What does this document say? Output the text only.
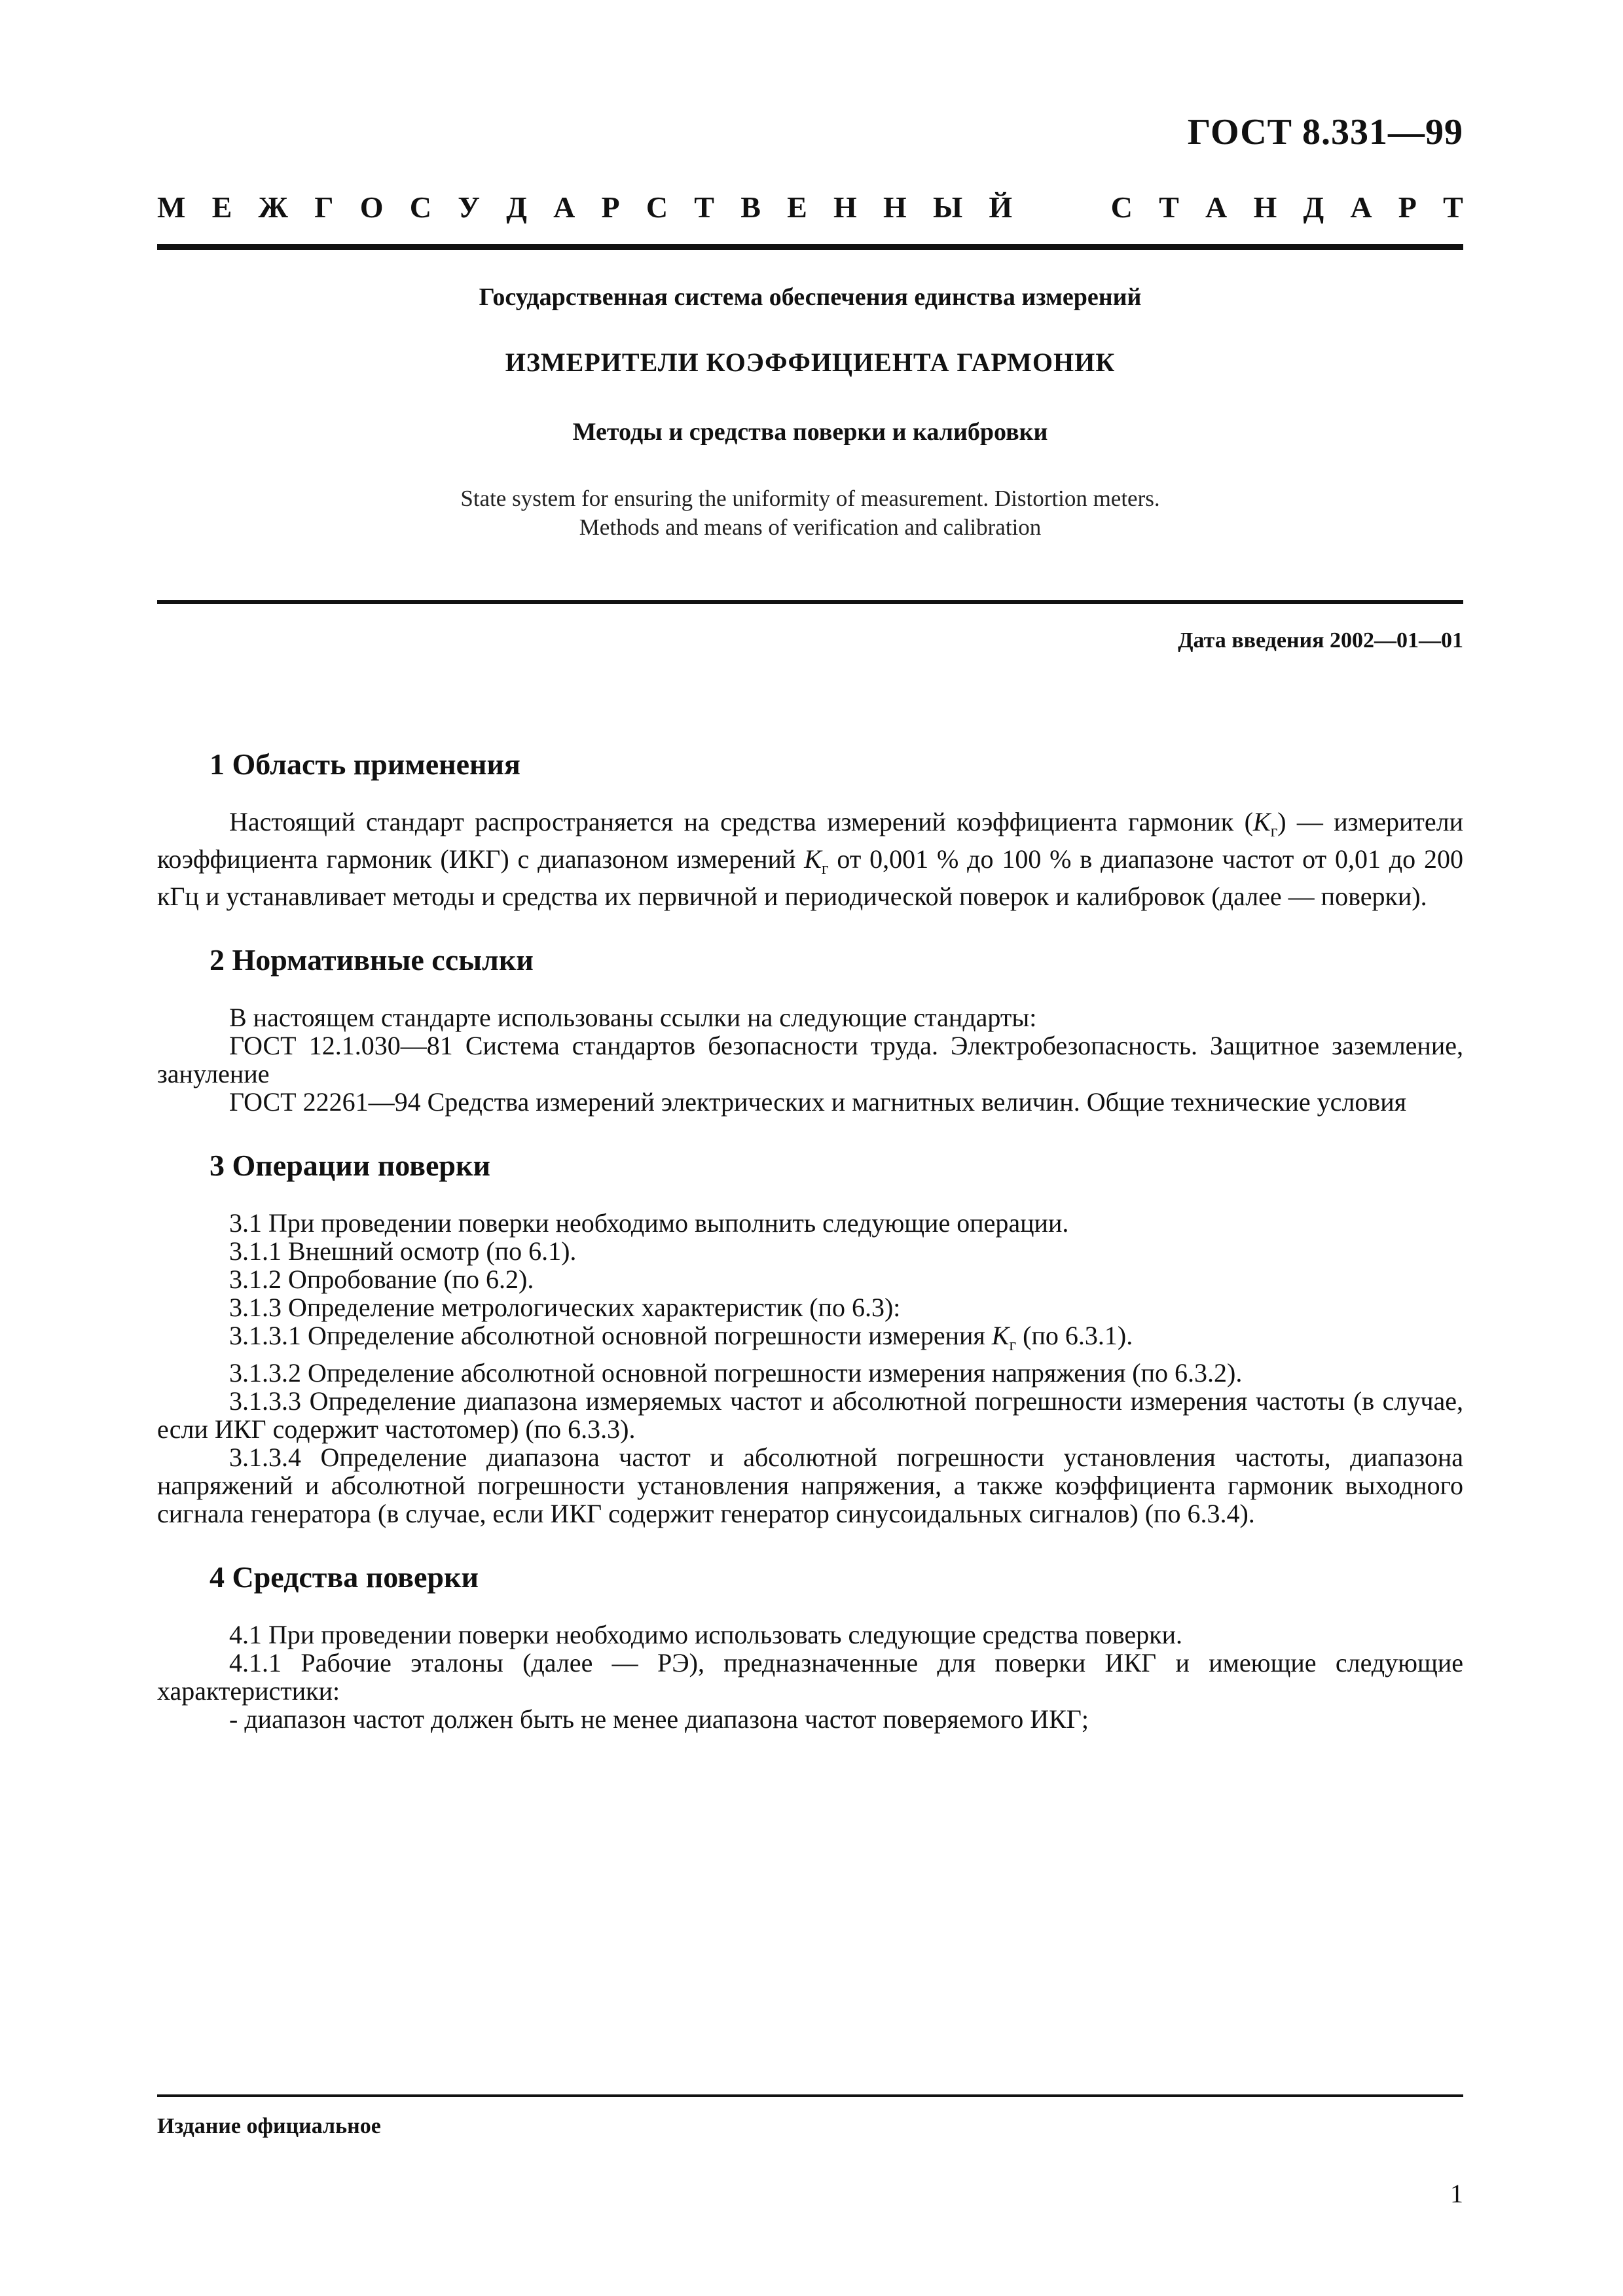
ГОСТ 8.331—99
М Е Ж Г О С У Д А Р С Т В Е Н Н Ы Й	С Т А Н Д А Р Т
Государственная система обеспечения единства измерений
ИЗМЕРИТЕЛИ КОЭФФИЦИЕНТА ГАРМОНИК
Методы и средства поверки и калибровки
State system for ensuring the uniformity of measurement. Distortion meters.
Methods and means of verification and calibration
Дата введения 2002—01—01
1 Область применения

Настоящий стандарт распространяется на средства измерений коэффициента гармоник $(K_г)$ — измерители коэффициента гармоник (ИКГ) с диапазоном измерений $K_г$ от 0,001 % до 100 % в диапазоне частот от 0,01 до 200 кГц и устанавливает методы и средства их первичной и периодической поверок и калибровок (далее — поверки).

2 Нормативные ссылки

В настоящем стандарте использованы ссылки на следующие стандарты:

ГОСТ 12.1.030—81 Система стандартов безопасности труда. Электробезопасность. Защитное заземление, зануление

ГОСТ 22261—94 Средства измерений электрических и магнитных величин. Общие технические условия

3 Операции поверки

3.1 При проведении поверки необходимо выполнить следующие операции.

3.1.1 Внешний осмотр (по 6.1).

3.1.2 Опробование (по 6.2).

3.1.3 Определение метрологических характеристик (по 6.3):

3.1.3.1 Определение абсолютной основной погрешности измерения $K_г$ (по 6.3.1).

3.1.3.2 Определение абсолютной основной погрешности измерения напряжения (по 6.3.2).

3.1.3.3 Определение диапазона измеряемых частот и абсолютной погрешности измерения частоты (в случае, если ИКГ содержит частотомер) (по 6.3.3).

3.1.3.4 Определение диапазона частот и абсолютной погрешности установления частоты, диапазона напряжений и абсолютной погрешности установления напряжения, а также коэффициента гармоник выходного сигнала генератора (в случае, если ИКГ содержит генератор синусоидальных сигналов) (по 6.3.4).

4 Средства поверки

4.1 При проведении поверки необходимо использовать следующие средства поверки.

4.1.1 Рабочие эталоны (далее — РЭ), предназначенные для поверки ИКГ и имеющие следующие характеристики:

- диапазон частот должен быть не менее диапазона частот поверяемого ИКГ;

Издание официальное
1
